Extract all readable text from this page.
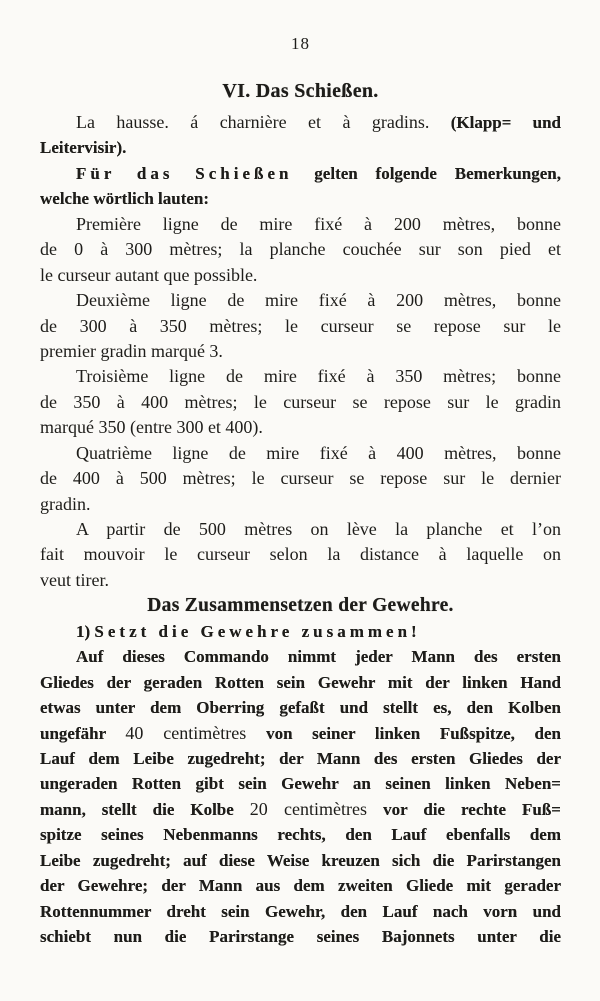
18
VI. Das Schießen.
La hausse. á charnière et à gradins. (Klapp= und
Leitervisir).
Für das Schießen gelten folgende Bemerkungen,
welche wörtlich lauten:
Première ligne de mire fixé à 200 mètres, bonne
de 0 à 300 mètres; la planche couchée sur son pied et
le curseur autant que possible.
Deuxième ligne de mire fixé à 200 mètres, bonne
de 300 à 350 mètres; le curseur se repose sur le
premier gradin marqué 3.
Troisième ligne de mire fixé à 350 mètres; bonne
de 350 à 400 mètres; le curseur se repose sur le gradin
marqué 350 (entre 300 et 400).
Quatrième ligne de mire fixé à 400 mètres, bonne
de 400 à 500 mètres; le curseur se repose sur le dernier
gradin.
A partir de 500 mètres on lève la planche et l’on
fait mouvoir le curseur selon la distance à laquelle on
veut tirer.
Das Zusammensetzen der Gewehre.
1) Setzt die Gewehre zusammen!
Auf dieses Commando nimmt jeder Mann des ersten
Gliedes der geraden Rotten sein Gewehr mit der linken Hand
etwas unter dem Oberring gefaßt und stellt es, den Kolben
ungefähr 40 centimètres von seiner linken Fußspitze, den
Lauf dem Leibe zugedreht; der Mann des ersten Gliedes der
ungeraden Rotten gibt sein Gewehr an seinen linken Neben=
mann, stellt die Kolbe 20 centimètres vor die rechte Fuß=
spitze seines Nebenmanns rechts, den Lauf ebenfalls dem
Leibe zugedreht; auf diese Weise kreuzen sich die Parirstangen
der Gewehre; der Mann aus dem zweiten Gliede mit gerader
Rottennummer dreht sein Gewehr, den Lauf nach vorn und
schiebt nun die Parirstange seines Bajonnets unter die
